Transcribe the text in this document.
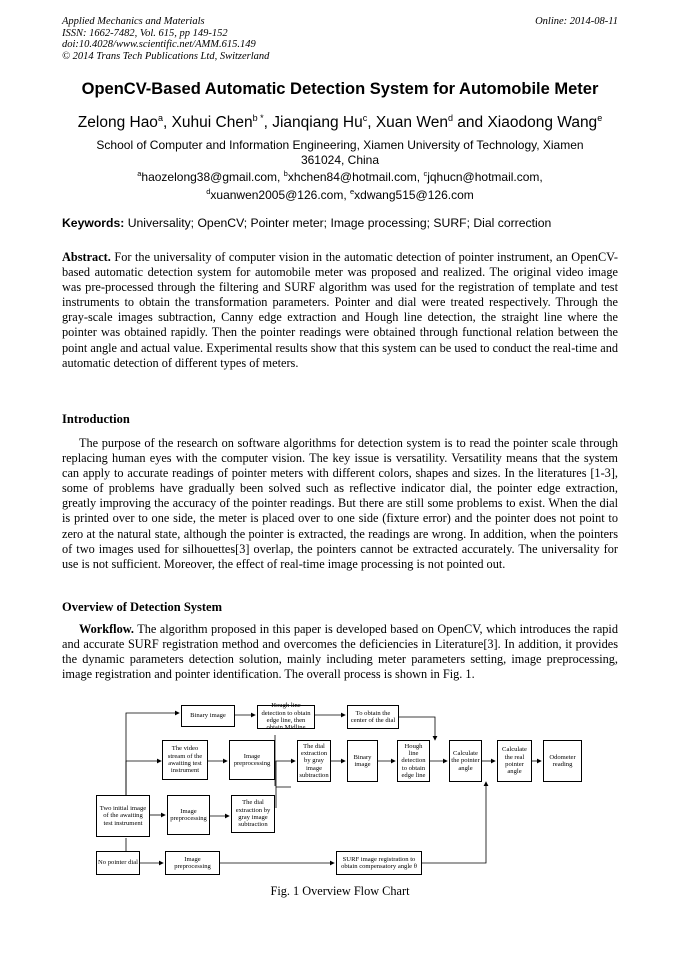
Applied Mechanics and Materials
ISSN: 1662-7482, Vol. 615, pp 149-152
doi:10.4028/www.scientific.net/AMM.615.149
© 2014 Trans Tech Publications Ltd, Switzerland
Online: 2014-08-11
OpenCV-Based Automatic Detection System for Automobile Meter
Zelong Hao$^a$, Xuhui Chen$^{b *}$, Jianqiang Hu$^c$, Xuan Wen$^d$ and Xiaodong Wang$^e$
School of Computer and Information Engineering, Xiamen University of Technology, Xiamen
361024, China
$^a$haozelong38@gmail.com, $^b$xhchen84@hotmail.com, $^c$jqhucn@hotmail.com,
$^d$xuanwen2005@126.com, $^e$xdwang515@126.com
Keywords: Universality; OpenCV; Pointer meter; Image processing; SURF; Dial correction
Abstract. For the universality of computer vision in the automatic detection of pointer instrument, an OpenCV-based automatic detection system for automobile meter was proposed and realized. The original video image was pre-processed through the filtering and SURF algorithm was used for the registration of template and test instruments to obtain the transformation parameters. Pointer and dial were treated respectively. Through the gray-scale images subtraction, Canny edge extraction and Hough line detection, the straight line where the pointer was obtained rapidly. Then the pointer readings were obtained through functional relation between the point angle and actual value. Experimental results show that this system can be used to conduct the real-time and automatic detection of different types of meters.
Introduction
The purpose of the research on software algorithms for detection system is to read the pointer scale through replacing human eyes with the computer vision. The key issue is versatility. Versatility means that the system can apply to accurate readings of pointer meters with different colors, shapes and sizes. In the literatures [1-3], some of problems have gradually been solved such as reflective indicator dial, the pointer edge extraction, greatly improving the accuracy of the pointer readings. But there are still some problems to exist. When the dial is printed over to one side, the meter is placed over to one side (fixture error) and the pointer does not point to zero at the natural state, although the pointer is extracted, the readings are wrong. In addition, when the pointers of two images used for silhouettes[3] overlap, the pointers cannot be extracted accurately. The universality for use is not sufficient. Moreover, the effect of real-time image processing is not pointed out.
Overview of Detection System
Workflow. The algorithm proposed in this paper is developed based on OpenCV, which introduces the rapid and accurate SURF registration method and overcomes the deficiencies in Literature[3]. In addition, it provides the dynamic parameters detection solution, mainly including meter parameters setting, image preprocessing, image registration and pointer identification. The overall process is shown in Fig. 1.
Binary image
Hough line detection to obtain edge line, then obtain Midline
To obtain the center of the dial
The video stream of the awaiting test instrument
Image preprocessing
The dial extraction by gray image subtraction
Binary image
Hough line detection to obtain edge line
Calculate the pointer angle
Calculate the real pointer angle
Odometer reading
Two initial image of the awaiting test instrument
Image preprocessing
The dial extraction by gray image subtraction
No pointer dial
Image preprocessing
SURF image registration to obtain compensatory angle θ
Fig. 1 Overview Flow Chart
